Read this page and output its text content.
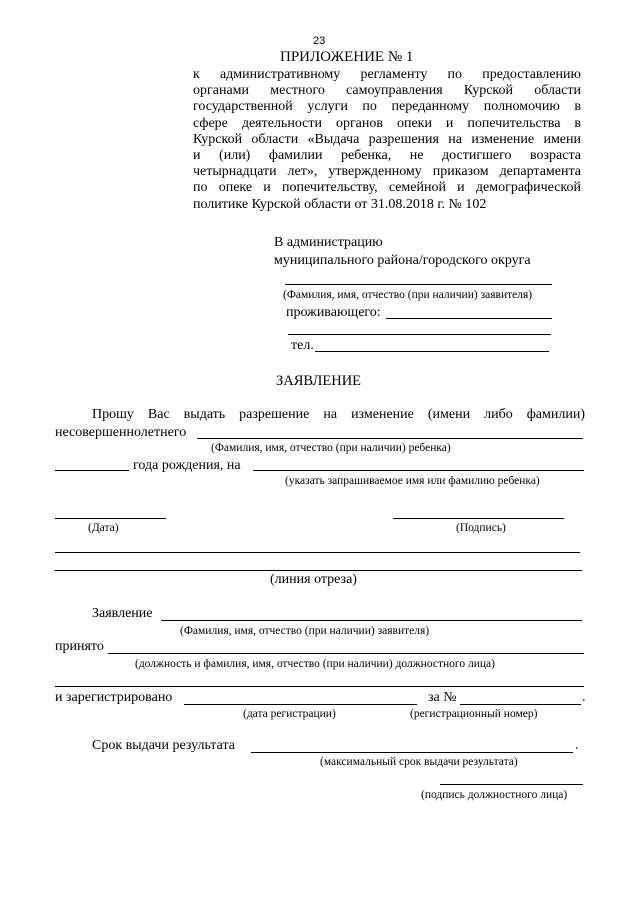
23
ПРИЛОЖЕНИЕ № 1
к административному регламенту по предоставлению
органами местного самоуправления Курской области
государственной услуги по переданному полномочию в
сфере деятельности органов опеки и попечительства в
Курской области «Выдача разрешения на изменение имени
и (или) фамилии ребенка, не достигшего возраста
четырнадцати лет», утвержденному приказом департамента
по опеке и попечительству, семейной и демографической
политике Курской области от 31.08.2018 г. № 102
В администрацию
муниципального района/городского округа
(Фамилия, имя, отчество (при наличии) заявителя)
проживающего:
тел.
ЗАЯВЛЕНИЕ
Прошу Вас выдать разрешение на изменение (имени либо фамилии)
несовершеннолетнего
(Фамилия, имя, отчество (при наличии) ребенка)
года рождения, на
(указать запрашиваемое имя или фамилию ребенка)
(Дата)	(Подпись)
(линия отреза)
Заявление
(Фамилия, имя, отчество (при наличии) заявителя)
принято
(должность и фамилия, имя, отчество (при наличии) должностного лица)
и зарегистрировано	за №	.
(дата регистрации)	(регистрационный номер)
Срок выдачи результата	.
(максимальный срок выдачи результата)
(подпись должностного лица)
